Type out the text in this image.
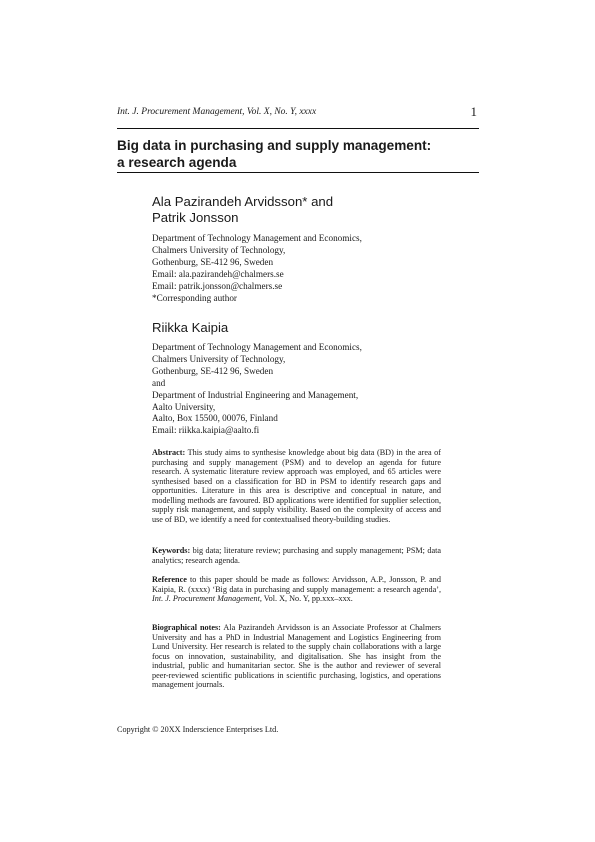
Int. J. Procurement Management, Vol. X, No. Y, xxxx	1
Big data in purchasing and supply management:
a research agenda
Ala Pazirandeh Arvidsson* and
Patrik Jonsson
Department of Technology Management and Economics,
Chalmers University of Technology,
Gothenburg, SE-412 96, Sweden
Email: ala.pazirandeh@chalmers.se
Email: patrik.jonsson@chalmers.se
*Corresponding author
Riikka Kaipia
Department of Technology Management and Economics,
Chalmers University of Technology,
Gothenburg, SE-412 96, Sweden
and
Department of Industrial Engineering and Management,
Aalto University,
Aalto, Box 15500, 00076, Finland
Email: riikka.kaipia@aalto.fi
Abstract: This study aims to synthesise knowledge about big data (BD) in the area of purchasing and supply management (PSM) and to develop an agenda for future research. A systematic literature review approach was employed, and 65 articles were synthesised based on a classification for BD in PSM to identify research gaps and opportunities. Literature in this area is descriptive and conceptual in nature, and modelling methods are favoured. BD applications were identified for supplier selection, supply risk management, and supply visibility. Based on the complexity of access and use of BD, we identify a need for contextualised theory-building studies.
Keywords: big data; literature review; purchasing and supply management; PSM; data analytics; research agenda.
Reference to this paper should be made as follows: Arvidsson, A.P., Jonsson, P. and Kaipia, R. (xxxx) ‘Big data in purchasing and supply management: a research agenda’, Int. J. Procurement Management, Vol. X, No. Y, pp.xxx–xxx.
Biographical notes: Ala Pazirandeh Arvidsson is an Associate Professor at Chalmers University and has a PhD in Industrial Management and Logistics Engineering from Lund University. Her research is related to the supply chain collaborations with a large focus on innovation, sustainability, and digitalisation. She has insight from the industrial, public and humanitarian sector. She is the author and reviewer of several peer-reviewed scientific publications in scientific purchasing, logistics, and operations management journals.
Copyright © 20XX Inderscience Enterprises Ltd.
